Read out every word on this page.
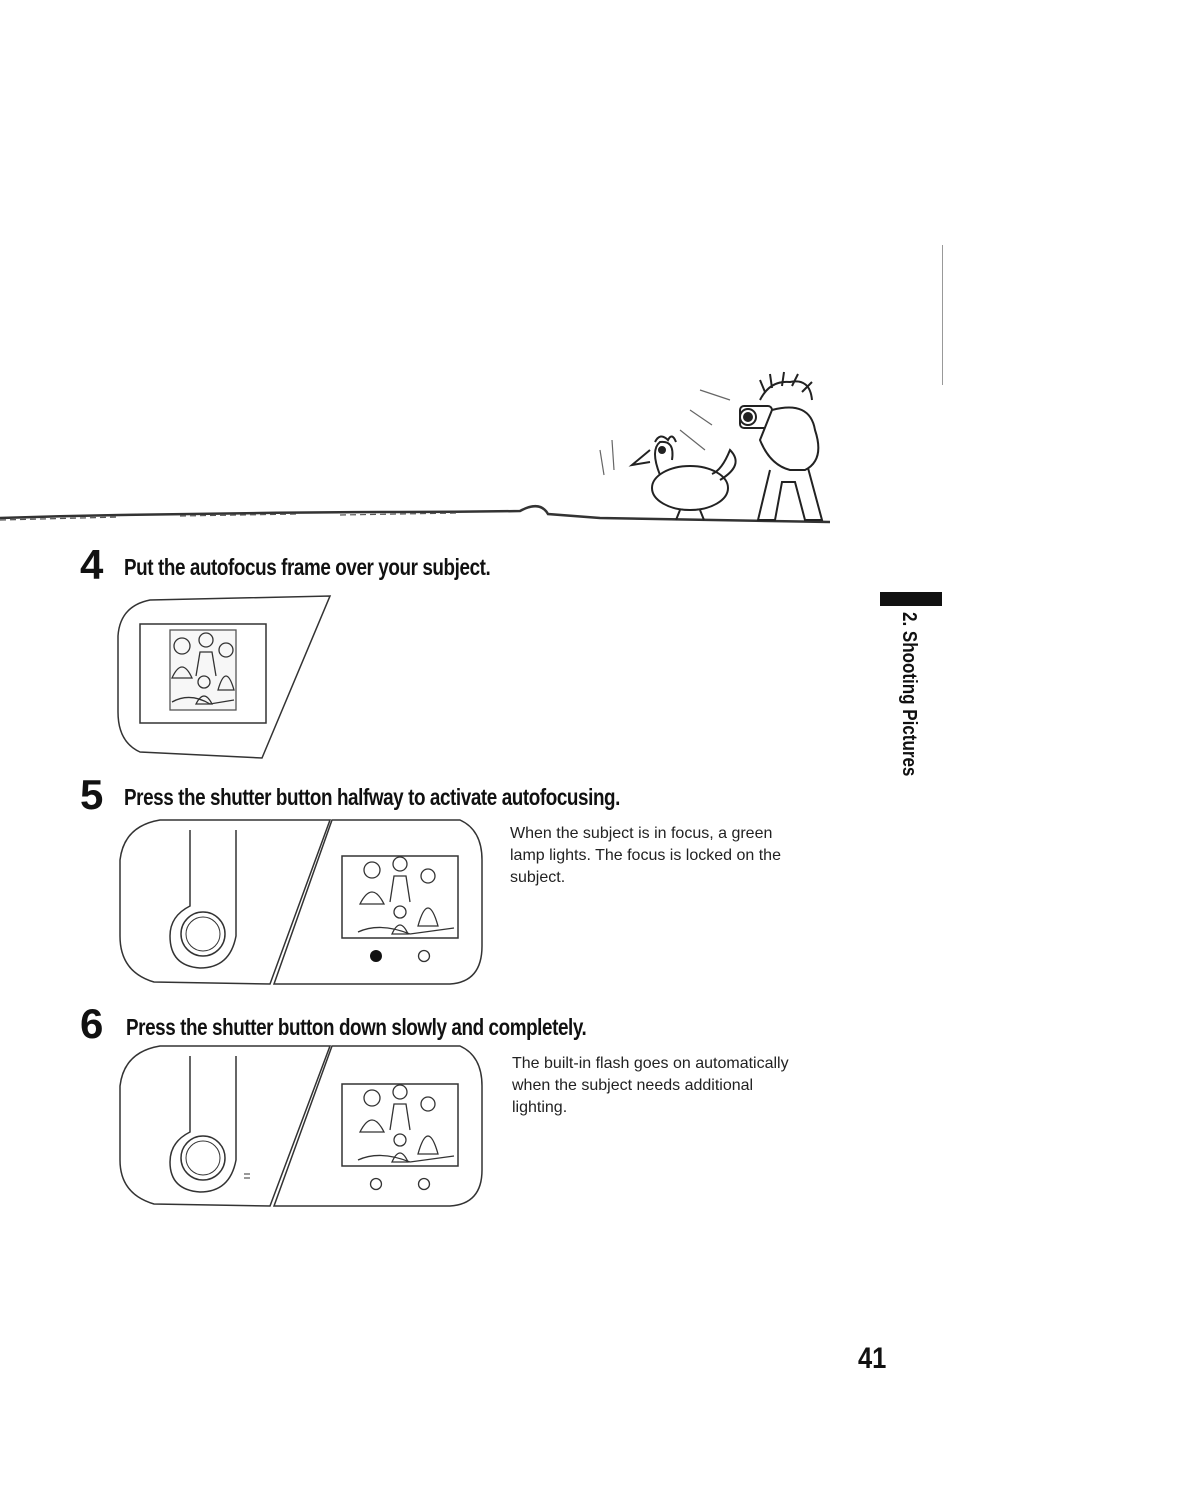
4 Put the autofocus frame over your subject.
5 Press the shutter button halfway to activate autofocusing.
When the subject is in focus, a green lamp lights. The focus is locked on the subject.
6 Press the shutter button down slowly and completely.
The built-in flash goes on automatically when the subject needs additional lighting.
2. Shooting Pictures
41
